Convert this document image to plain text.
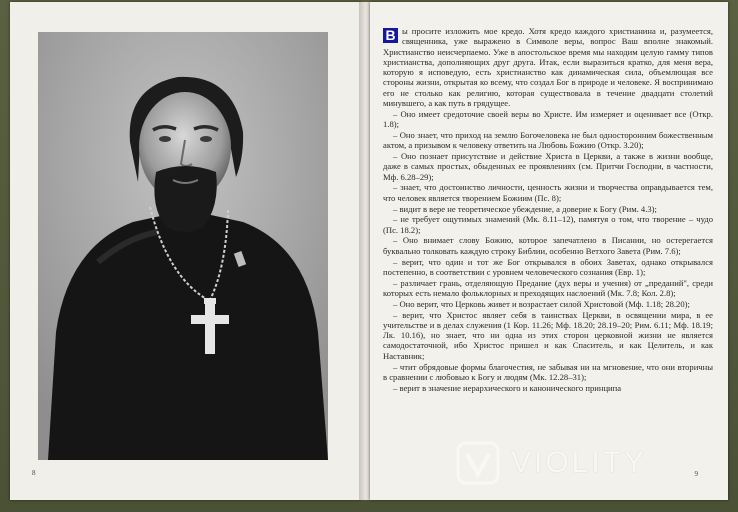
8

В ы просите изложить мое кредо. Хотя кредо каждого христианина и, разумеется, священника, уже выражено в Символе веры, вопрос Ваш вполне знакомый. Христианство неисчерпаемо. Уже в апостольское время мы находим целую гамму типов христианства, дополняющих друг друга. Итак, если выразиться кратко, для меня вера, которую я исповедую, есть христианство как динамическая сила, объемлющая все стороны жизни, открытая ко всему, что создал Бог в природе и человеке. Я воспринимаю его не столько как религию, которая существовала в течение двадцати столетий минувшего, а как путь в грядущее.

– Оно имеет средоточие своей веры во Христе. Им измеряет и оценивает все (Откр. 1.8);

– Оно знает, что приход на землю Богочеловека не был односторонним божественным актом, а призывом к человеку ответить на Любовь Божию (Откр. 3.20);

– Оно познает присутствие и действие Христа в Церкви, а также в жизни вообще, даже в самых простых, обыденных ее проявлениях (см. Притчи Господни, в частности, Мф. 6.28–29);

– знает, что достоинство личности, ценность жизни и творчества оправдывается тем, что человек является творением Божиим (Пс. 8);

– видит в вере не теоретическое убеждение, а доверие к Богу (Рим. 4.3);

– не требует ощутимых знамений (Мк. 8.11–12), памятуя о том, что творение – чудо (Пс. 18.2);

– Оно внимает слову Божию, которое запечатлено в Писании, но остерегается буквально толковать каждую строку Библии, особенно Ветхого Завета (Рим. 7.6);

– верит, что один и тот же Бог открывался в обоих Заветах, однако открывался постепенно, в соответствии с уровнем человеческого сознания (Евр. 1);

– различает грань, отделяющую Предание (дух веры и учения) от „преданий", среди которых есть немало фольклорных и преходящих наслоений (Мк. 7.8; Кол. 2.8);

– Оно верит, что Церковь живет и возрастает силой Христовой (Мф. 1.18; 28.20);

– верит, что Христос являет себя в таинствах Церкви, в освящении мира, в ее учительстве и в делах служения (1 Кор. 11.26; Мф. 18.20; 28.19–20; Рим. 6.11; Мф. 18.19; Лк. 10.16), но знает, что ни одна из этих сторон церковной жизни не является самодостаточной, ибо Христос пришел и как Спаситель, и как Целитель, и как Наставник;

– чтит обрядовые формы благочестия, не забывая ни на мгновение, что они вторичны в сравнении с любовью к Богу и людям (Мк. 12.28–31);

– верит в значение иерархического и канонического принципа

9
VIOLITY
